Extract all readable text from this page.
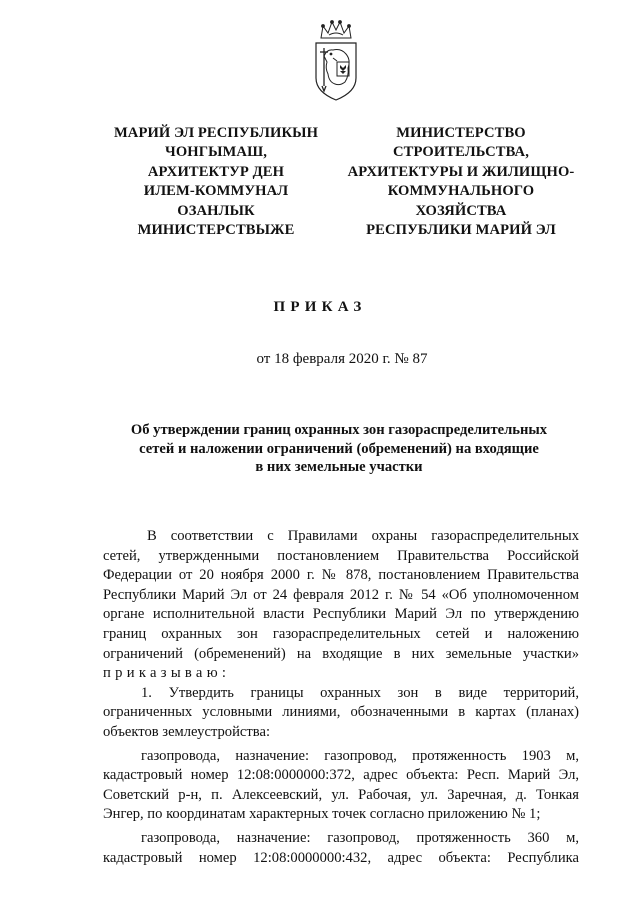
МАРИЙ ЭЛ РЕСПУБЛИКЫН
ЧОНГЫМАШ,
АРХИТЕКТУР ДЕН
ИЛЕМ-КОММУНАЛ
ОЗАНЛЫК
МИНИСТЕРСТВЫЖЕ
МИНИСТЕРСТВО
СТРОИТЕЛЬСТВА,
АРХИТЕКТУРЫ И ЖИЛИЩНО-
КОММУНАЛЬНОГО
ХОЗЯЙСТВА
РЕСПУБЛИКИ МАРИЙ ЭЛ
ПРИКАЗ
от 18 февраля 2020 г. № 87
Об утверждении границ охранных зон газораспределительных
сетей и наложении ограничений (обременений) на входящие
в них земельные участки
В соответствии с Правилами охраны газораспределительных
сетей, утвержденными постановлением Правительства Российской
Федерации от 20 ноября 2000 г. № 878, постановлением Правительства
Республики Марий Эл от 24 февраля 2012 г. № 54 «Об уполномоченном
органе исполнительной власти Республики Марий Эл по утверждению
границ охранных зон газораспределительных сетей и наложению
ограничений (обременений) на входящие в них земельные участки»
приказываю:
1. Утвердить границы охранных зон в виде территорий,
ограниченных условными линиями, обозначенными в картах (планах)
объектов землеустройства:
газопровода, назначение: газопровод, протяженность 1903 м,
кадастровый номер 12:08:0000000:372, адрес объекта: Респ. Марий Эл,
Советский р-н, п. Алексеевский, ул. Рабочая, ул. Заречная, д. Тонкая
Энгер, по координатам характерных точек согласно приложению № 1;
газопровода, назначение: газопровод, протяженность 360 м,
кадастровый номер 12:08:0000000:432, адрес объекта: Республика
